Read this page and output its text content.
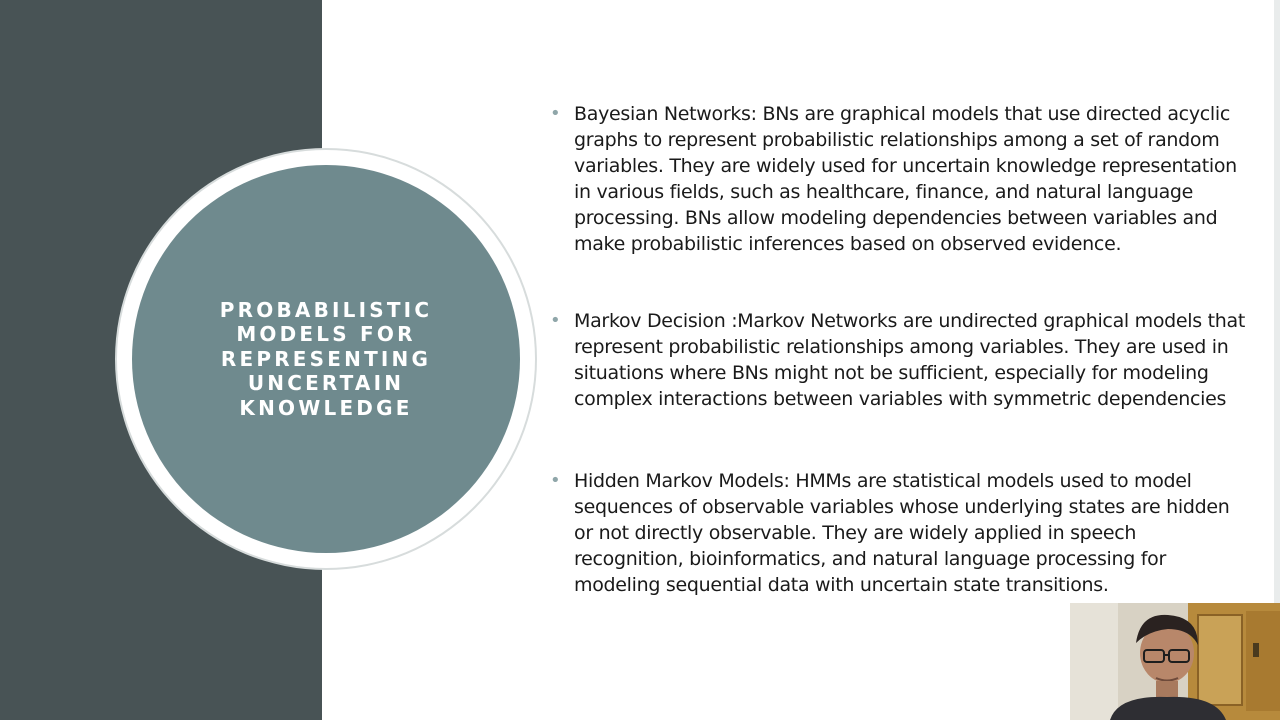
PROBABILISTIC
MODELS FOR
REPRESENTING
UNCERTAIN
KNOWLEDGE
• Bayesian Networks: BNs are graphical models that use directed acyclic graphs to represent probabilistic relationships among a set of random variables. They are widely used for uncertain knowledge representation in various fields, such as healthcare, finance, and natural language processing. BNs allow modeling dependencies between variables and make probabilistic inferences based on observed evidence.
• Markov Decision :Markov Networks are undirected graphical models that represent probabilistic relationships among variables. They are used in situations where BNs might not be sufficient, especially for modeling complex interactions between variables with symmetric dependencies
• Hidden Markov Models: HMMs are statistical models used to model sequences of observable variables whose underlying states are hidden or not directly observable. They are widely applied in speech recognition, bioinformatics, and natural language processing for modeling sequential data with uncertain state transitions.
